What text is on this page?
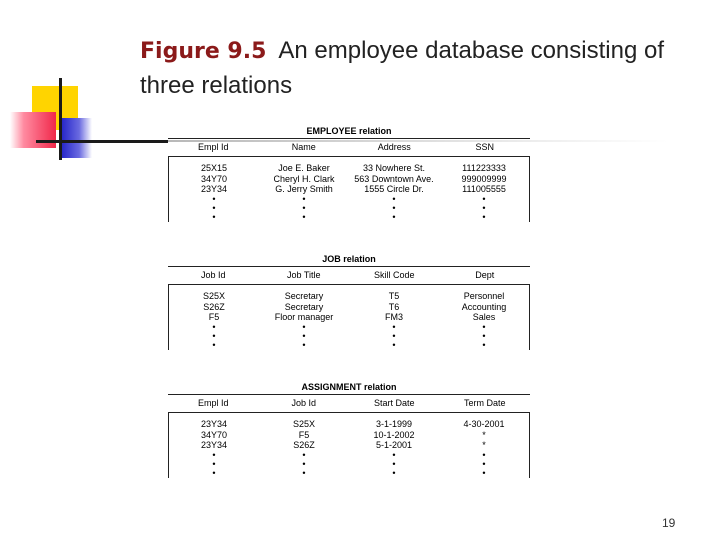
Figure 9.5 An employee database consisting of three relations
EMPLOYEE relation
Empl Id	Name	Address	SSN
25X15	Joe E. Baker	33 Nowhere St.	111223333
34Y70	Cheryl H. Clark	563 Downtown Ave.	999009999
23Y34	G. Jerry Smith	1555 Circle Dr.	111005555
•	•	•	•
•	•	•	•
•	•	•	•
JOB relation
Job Id	Job Title	Skill Code	Dept
S25X	Secretary	T5	Personnel
S26Z	Secretary	T6	Accounting
F5	Floor manager	FM3	Sales
•	•	•	•
•	•	•	•
•	•	•	•
ASSIGNMENT relation
Empl Id	Job Id	Start Date	Term Date
23Y34	S25X	3-1-1999	4-30-2001
34Y70	F5	10-1-2002	*
23Y34	S26Z	5-1-2001	*
•	•	•	•
•	•	•	•
•	•	•	•
19
